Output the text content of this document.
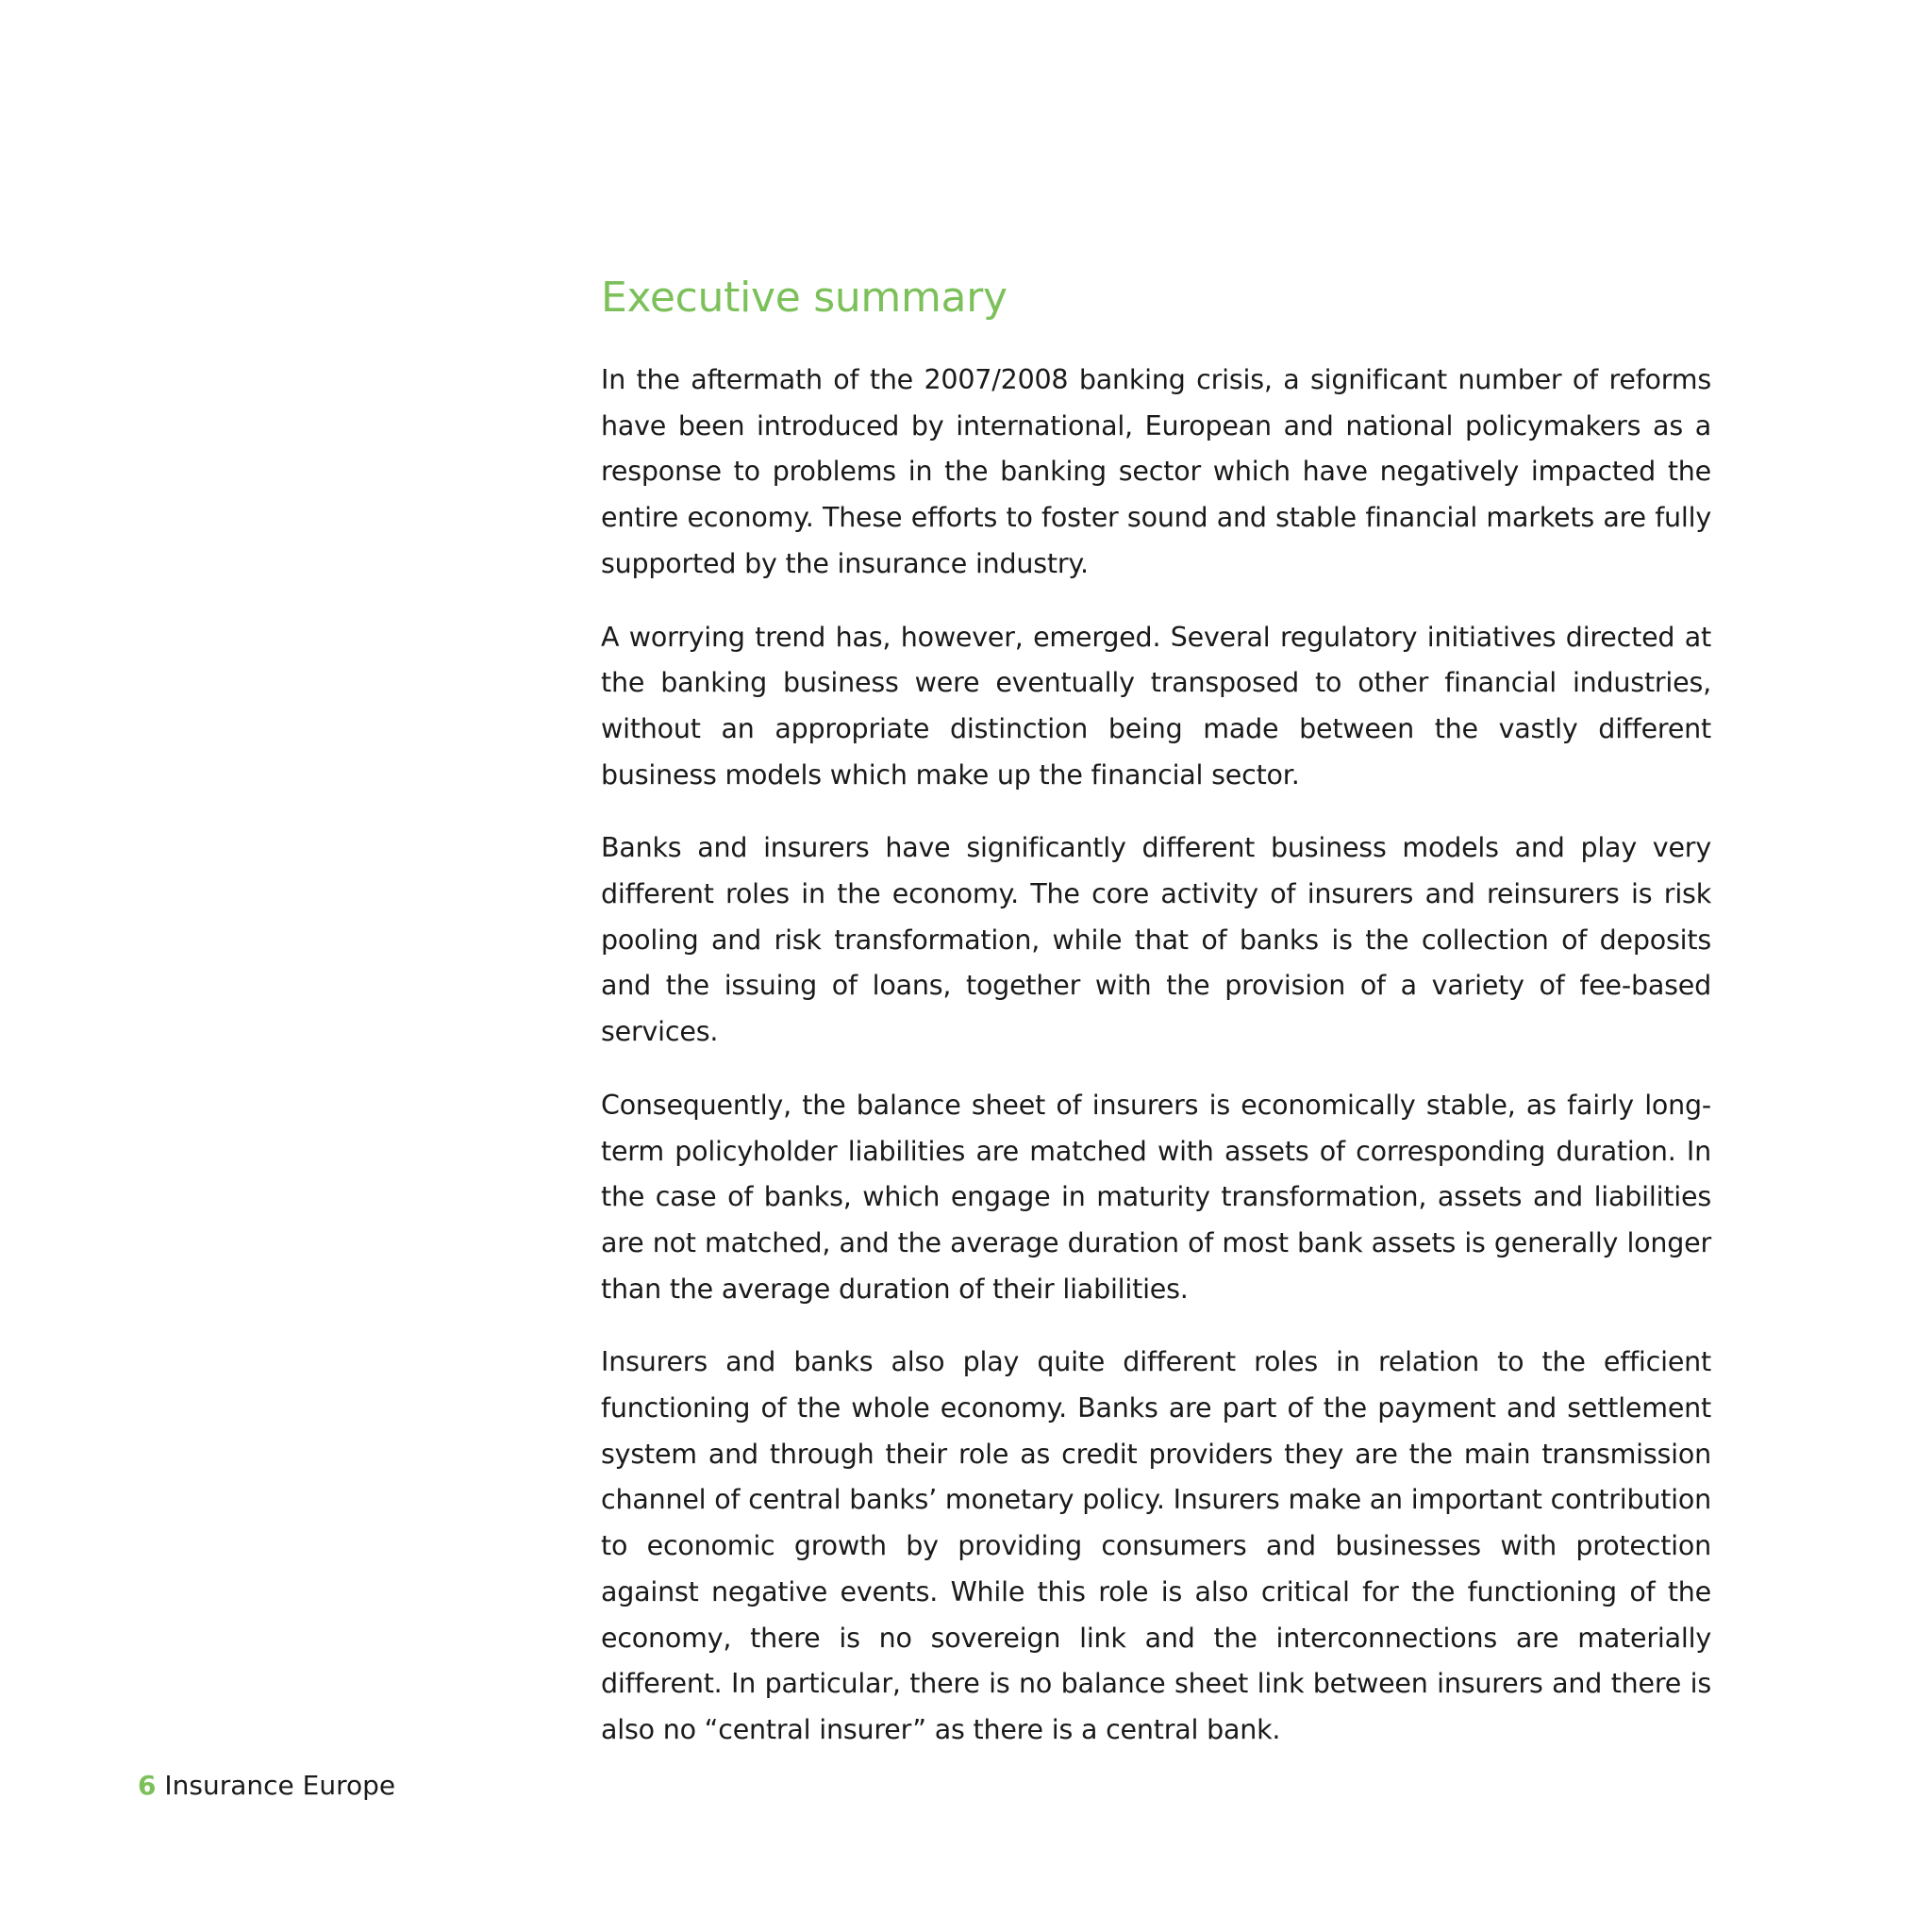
Executive summary

In the aftermath of the 2007/2008 banking crisis, a significant number of reforms have been introduced by international, European and national policymakers as a response to problems in the banking sector which have negatively impacted the entire economy. These efforts to foster sound and stable financial markets are fully supported by the insurance industry.

A worrying trend has, however, emerged. Several regulatory initiatives directed at the banking business were eventually transposed to other financial industries, without an appropriate distinction being made between the vastly different business models which make up the financial sector.

Banks and insurers have significantly different business models and play very different roles in the economy. The core activity of insurers and reinsurers is risk pooling and risk transformation, while that of banks is the collection of deposits and the issuing of loans, together with the provision of a variety of fee-based services.

Consequently, the balance sheet of insurers is economically stable, as fairly long-term policyholder liabilities are matched with assets of corresponding duration. In the case of banks, which engage in maturity transformation, assets and liabilities are not matched, and the average duration of most bank assets is generally longer than the average duration of their liabilities.

Insurers and banks also play quite different roles in relation to the efficient functioning of the whole economy. Banks are part of the payment and settlement system and through their role as credit providers they are the main transmission channel of central banks’ monetary policy. Insurers make an important contribution to economic growth by providing consumers and businesses with protection against negative events. While this role is also critical for the functioning of the economy, there is no sovereign link and the interconnections are materially different. In particular, there is no balance sheet link between insurers and there is also no “central insurer” as there is a central bank.

6 Insurance Europe
